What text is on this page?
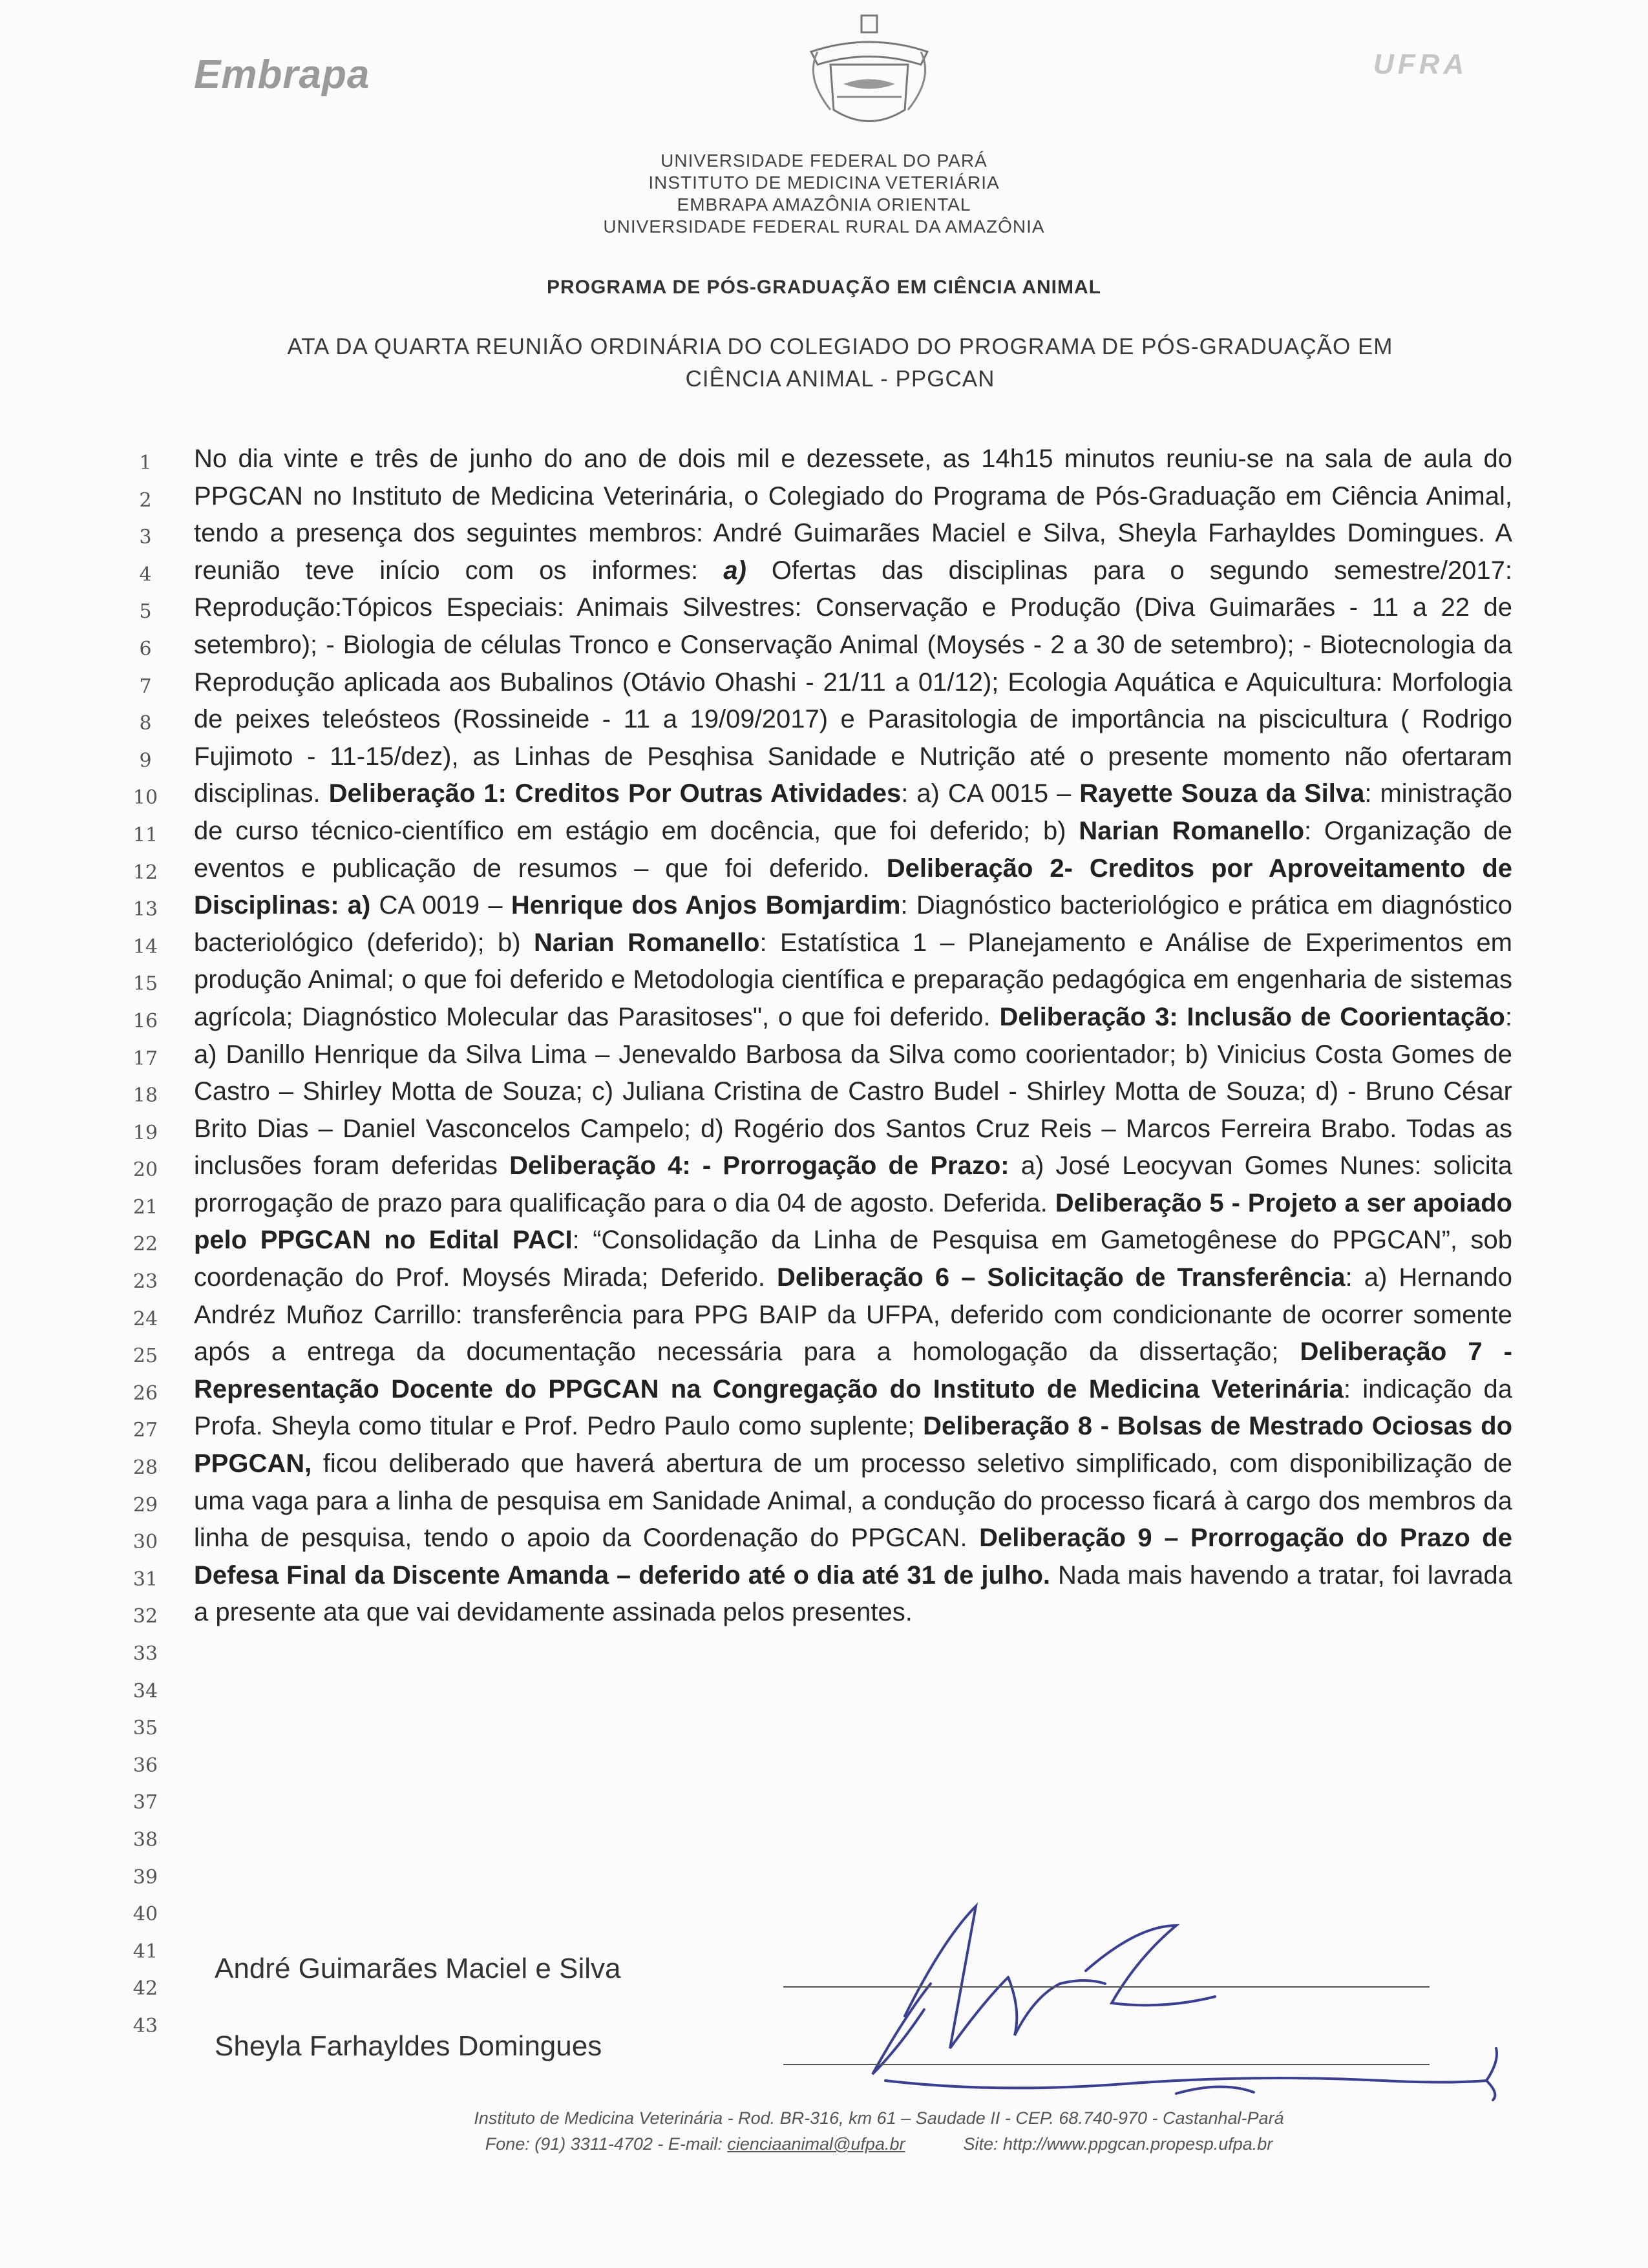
Embrapa	UFRA
UNIVERSIDADE FEDERAL DO PARÁ
INSTITUTO DE MEDICINA VETERIÁRIA
EMBRAPA AMAZÔNIA ORIENTAL
UNIVERSIDADE FEDERAL RURAL DA AMAZÔNIA
PROGRAMA DE PÓS-GRADUAÇÃO EM CIÊNCIA ANIMAL
ATA DA QUARTA REUNIÃO ORDINÁRIA DO COLEGIADO DO PROGRAMA DE PÓS-GRADUAÇÃO EM
CIÊNCIA ANIMAL - PPGCAN
1
2
3
4
5
6
7
8
9
10
11
12
13
14
15
16
17
18
19
20
21
22
23
24
25
26
27
28
29
30
31
32
33
34
35
36
37
38
39
40
41
42
43
No dia vinte e três de junho do ano de dois mil e dezessete, as 14h15 minutos reuniu-se na sala de aula do PPGCAN no Instituto de Medicina Veterinária, o Colegiado do Programa de Pós-Graduação em Ciência Animal, tendo a presença dos seguintes membros: André Guimarães Maciel e Silva, Sheyla Farhayldes Domingues. A reunião teve início com os informes: a) Ofertas das disciplinas para o segundo semestre/2017: Reprodução:Tópicos Especiais: Animais Silvestres: Conservação e Produção (Diva Guimarães - 11 a 22 de setembro); - Biologia de células Tronco e Conservação Animal (Moysés - 2 a 30 de setembro); - Biotecnologia da Reprodução aplicada aos Bubalinos (Otávio Ohashi - 21/11 a 01/12); Ecologia Aquática e Aquicultura: Morfologia de peixes teleósteos (Rossineide - 11 a 19/09/2017) e Parasitologia de importância na piscicultura ( Rodrigo Fujimoto - 11-15/dez), as Linhas de Pesqhisa Sanidade e Nutrição até o presente momento não ofertaram disciplinas. Deliberação 1: Creditos Por Outras Atividades: a) CA 0015 – Rayette Souza da Silva: ministração de curso técnico-científico em estágio em docência, que foi deferido; b) Narian Romanello: Organização de eventos e publicação de resumos – que foi deferido. Deliberação 2- Creditos por Aproveitamento de Disciplinas: a) CA 0019 – Henrique dos Anjos Bomjardim: Diagnóstico bacteriológico e prática em diagnóstico bacteriológico (deferido); b) Narian Romanello: Estatística 1 – Planejamento e Análise de Experimentos em produção Animal; o que foi deferido e Metodologia científica e preparação pedagógica em engenharia de sistemas agrícola; Diagnóstico Molecular das Parasitoses", o que foi deferido. Deliberação 3: Inclusão de Coorientação: a) Danillo Henrique da Silva Lima – Jenevaldo Barbosa da Silva como coorientador; b) Vinicius Costa Gomes de Castro – Shirley Motta de Souza; c) Juliana Cristina de Castro Budel - Shirley Motta de Souza; d) - Bruno César Brito Dias – Daniel Vasconcelos Campelo; d) Rogério dos Santos Cruz Reis – Marcos Ferreira Brabo. Todas as inclusões foram deferidas Deliberação 4: - Prorrogação de Prazo: a) José Leocyvan Gomes Nunes: solicita prorrogação de prazo para qualificação para o dia 04 de agosto. Deferida. Deliberação 5 - Projeto a ser apoiado pelo PPGCAN no Edital PACI: “Consolidação da Linha de Pesquisa em Gametogênese do PPGCAN”, sob coordenação do Prof. Moysés Mirada; Deferido. Deliberação 6 – Solicitação de Transferência: a) Hernando Andréz Muñoz Carrillo: transferência para PPG BAIP da UFPA, deferido com condicionante de ocorrer somente após a entrega da documentação necessária para a homologação da dissertação; Deliberação 7 - Representação Docente do PPGCAN na Congregação do Instituto de Medicina Veterinária: indicação da Profa. Sheyla como titular e Prof. Pedro Paulo como suplente; Deliberação 8 - Bolsas de Mestrado Ociosas do PPGCAN, ficou deliberado que haverá abertura de um processo seletivo simplificado, com disponibilização de uma vaga para a linha de pesquisa em Sanidade Animal, a condução do processo ficará à cargo dos membros da linha de pesquisa, tendo o apoio da Coordenação do PPGCAN. Deliberação 9 – Prorrogação do Prazo de Defesa Final da Discente Amanda – deferido até o dia até 31 de julho. Nada mais havendo a tratar, foi lavrada a presente ata que vai devidamente assinada pelos presentes.
André Guimarães Maciel e Silva
Sheyla Farhayldes Domingues
Instituto de Medicina Veterinária - Rod. BR-316, km 61 – Saudade II - CEP. 68.740-970 - Castanhal-Pará
Fone: (91) 3311-4702 - E-mail: cienciaanimal@ufpa.br	Site: http://www.ppgcan.propesp.ufpa.br
